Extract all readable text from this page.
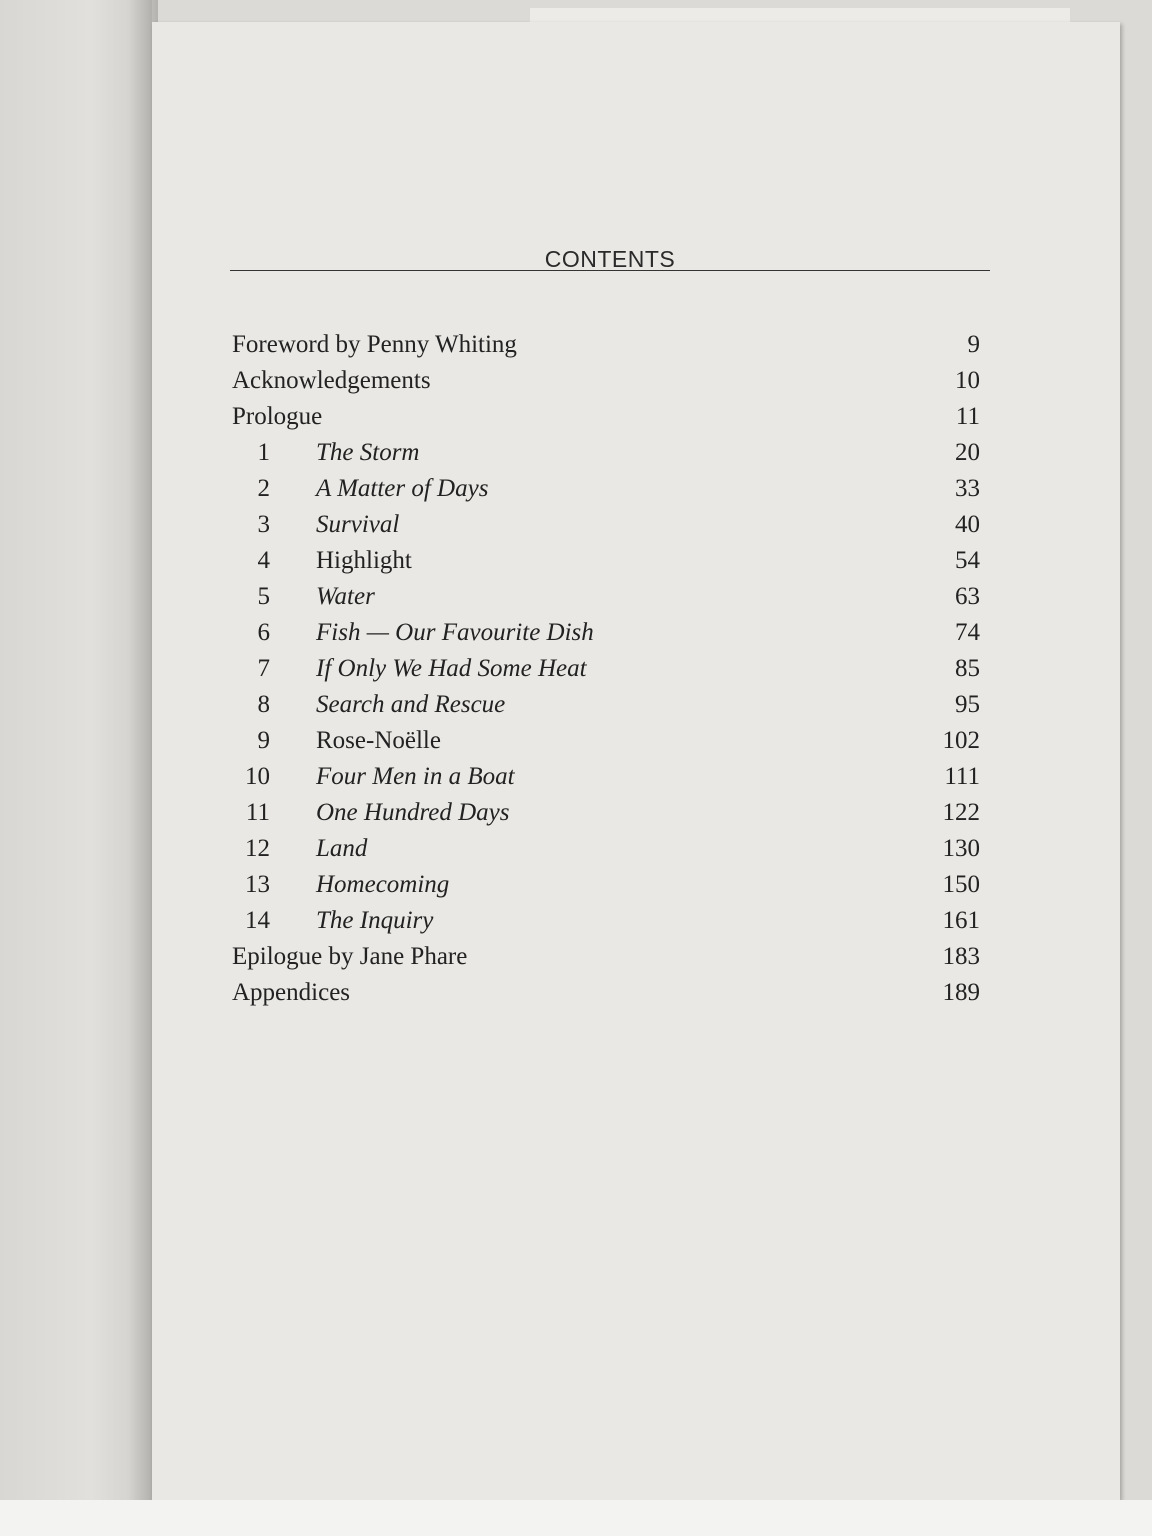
CONTENTS
Foreword by Penny Whiting	9
Acknowledgements	10
Prologue	11
1 The Storm	20
2 A Matter of Days	33
3 Survival	40
4 Highlight	54
5 Water	63
6 Fish — Our Favourite Dish	74
7 If Only We Had Some Heat	85
8 Search and Rescue	95
9 Rose-Noëlle	102
10 Four Men in a Boat	111
11 One Hundred Days	122
12 Land	130
13 Homecoming	150
14 The Inquiry	161
Epilogue by Jane Phare	183
Appendices	189
